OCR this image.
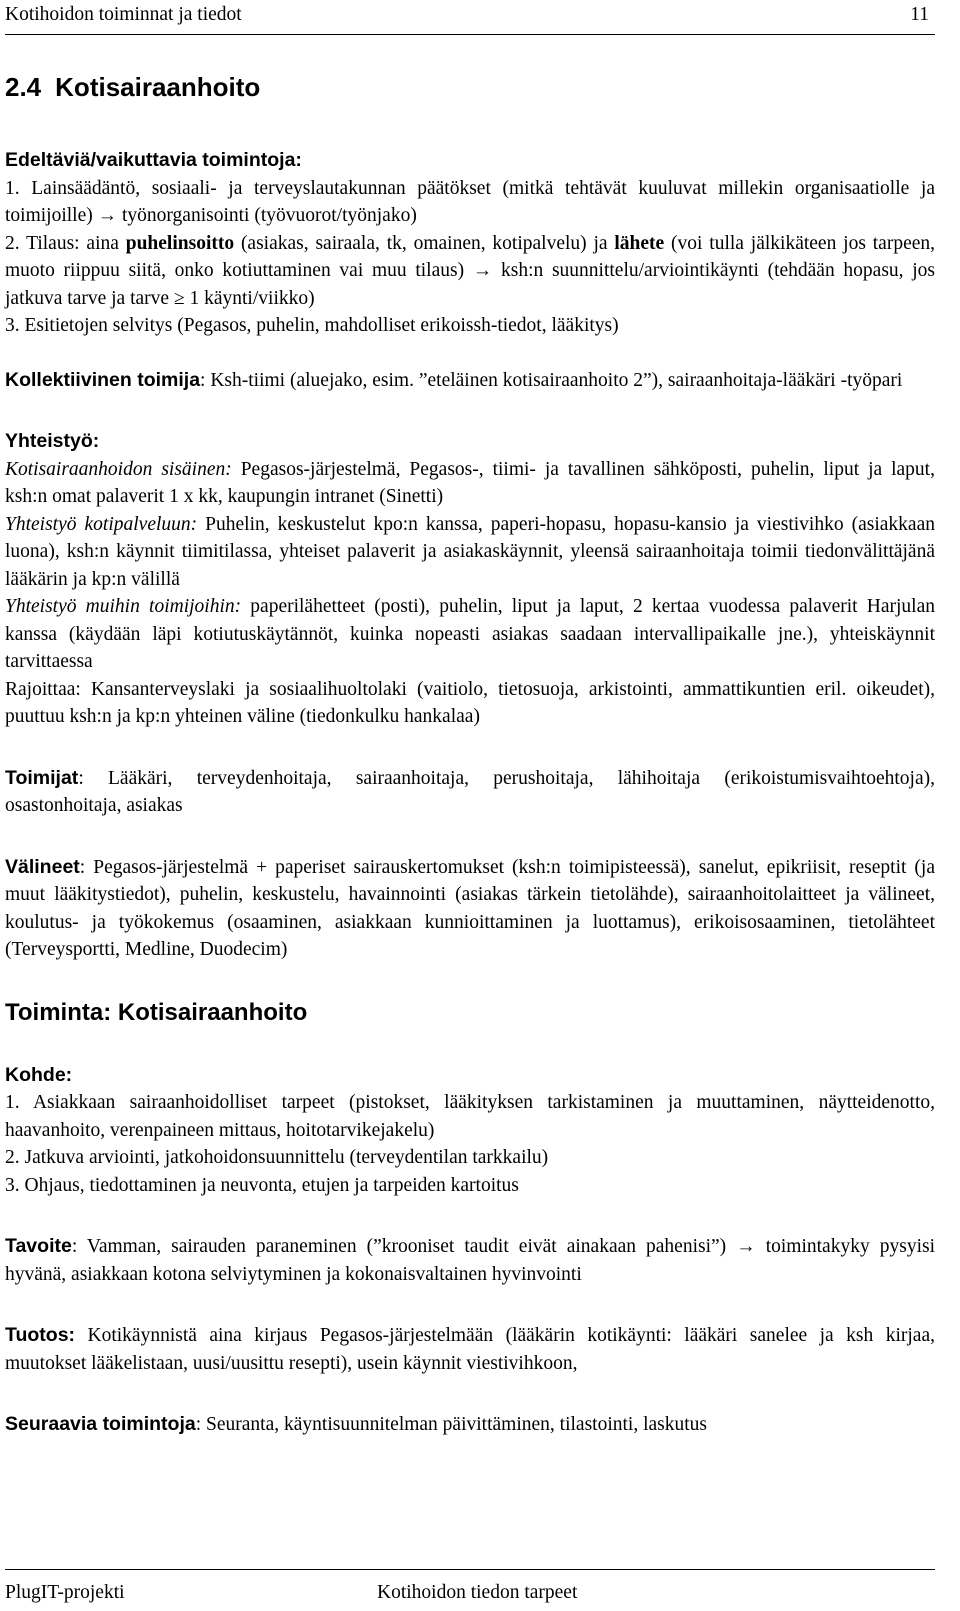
Kotihoidon toiminnat ja tiedot	11
2.4 Kotisairaanhoito

Edeltäviä/vaikuttavia toimintoja:

1. Lainsäädäntö, sosiaali- ja terveyslautakunnan päätökset (mitkä tehtävät kuuluvat millekin organisaatiolle ja toimijoille) → työnorganisointi (työvuorot/työnjako)

2. Tilaus: aina puhelinsoitto (asiakas, sairaala, tk, omainen, kotipalvelu) ja lähete (voi tulla jälkikäteen jos tarpeen, muoto riippuu siitä, onko kotiuttaminen vai muu tilaus) → ksh:n suunnittelu/arviointikäynti (tehdään hopasu, jos jatkuva tarve ja tarve ≥ 1 käynti/viikko)

3. Esitietojen selvitys (Pegasos, puhelin, mahdolliset erikoissh-tiedot, lääkitys)

Kollektiivinen toimija: Ksh-tiimi (aluejako, esim. ”eteläinen kotisairaanhoito 2”), sairaanhoitaja-lääkäri -työpari

Yhteistyö:

Kotisairaanhoidon sisäinen: Pegasos-järjestelmä, Pegasos-, tiimi- ja tavallinen sähköposti, puhelin, liput ja laput, ksh:n omat palaverit 1 x kk, kaupungin intranet (Sinetti)

Yhteistyö kotipalveluun: Puhelin, keskustelut kpo:n kanssa, paperi-hopasu, hopasu-kansio ja viestivihko (asiakkaan luona), ksh:n käynnit tiimitilassa, yhteiset palaverit ja asiakaskäynnit, yleensä sairaanhoitaja toimii tiedonvälittäjänä lääkärin ja kp:n välillä

Yhteistyö muihin toimijoihin: paperilähetteet (posti), puhelin, liput ja laput, 2 kertaa vuodessa palaverit Harjulan kanssa (käydään läpi kotiutuskäytännöt, kuinka nopeasti asiakas saadaan intervallipaikalle jne.), yhteiskäynnit tarvittaessa

Rajoittaa: Kansanterveyslaki ja sosiaalihuoltolaki (vaitiolo, tietosuoja, arkistointi, ammattikuntien eril. oikeudet), puuttuu ksh:n ja kp:n yhteinen väline (tiedonkulku hankalaa)

Toimijat: Lääkäri, terveydenhoitaja, sairaanhoitaja, perushoitaja, lähihoitaja (erikoistumisvaihtoehtoja), osastonhoitaja, asiakas

Välineet: Pegasos-järjestelmä + paperiset sairauskertomukset (ksh:n toimipisteessä), sanelut, epikriisit, reseptit (ja muut lääkitystiedot), puhelin, keskustelu, havainnointi (asiakas tärkein tietolähde), sairaanhoitolaitteet ja välineet, koulutus- ja työkokemus (osaaminen, asiakkaan kunnioittaminen ja luottamus), erikoisosaaminen, tietolähteet (Terveysportti, Medline, Duodecim)

Toiminta: Kotisairaanhoito

Kohde:

1. Asiakkaan sairaanhoidolliset tarpeet (pistokset, lääkityksen tarkistaminen ja muuttaminen, näytteidenotto, haavanhoito, verenpaineen mittaus, hoitotarvikejakelu)

2. Jatkuva arviointi, jatkohoidonsuunnittelu (terveydentilan tarkkailu)

3. Ohjaus, tiedottaminen ja neuvonta, etujen ja tarpeiden kartoitus

Tavoite: Vamman, sairauden paraneminen (”krooniset taudit eivät ainakaan pahenisi”) → toimintakyky pysyisi hyvänä, asiakkaan kotona selviytyminen ja kokonaisvaltainen hyvinvointi

Tuotos: Kotikäynnistä aina kirjaus Pegasos-järjestelmään (lääkärin kotikäynti: lääkäri sanelee ja ksh kirjaa, muutokset lääkelistaan, uusi/uusittu resepti), usein käynnit viestivihkoon,

Seuraavia toimintoja: Seuranta, käyntisuunnitelman päivittäminen, tilastointi, laskutus

PlugIT-projekti	Kotihoidon tiedon tarpeet
